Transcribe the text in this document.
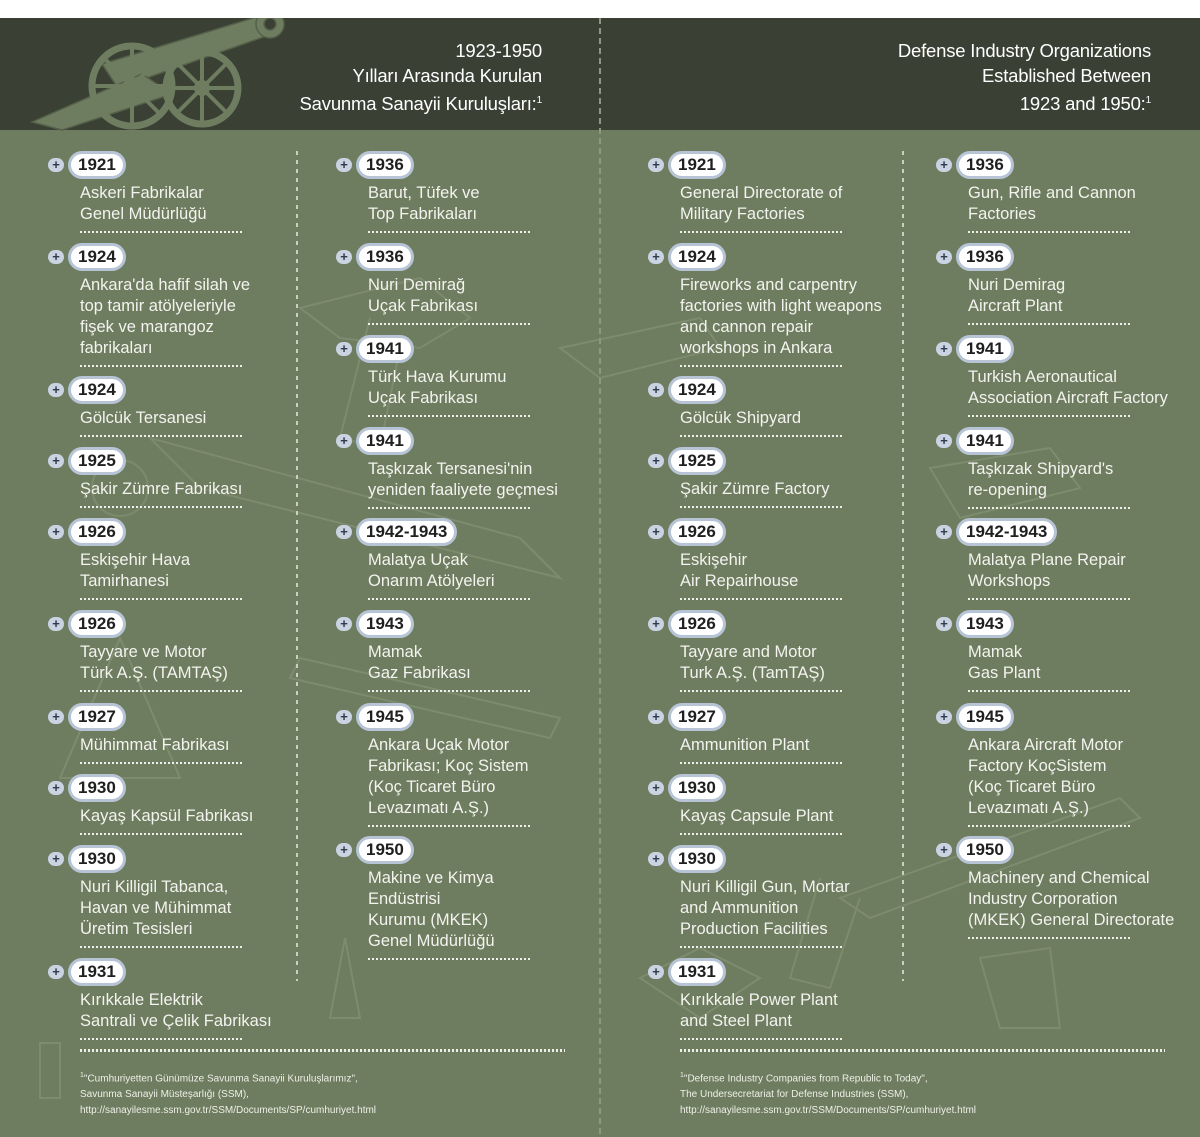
1923-1950
Yılları Arasında Kurulan
Savunma Sanayii Kuruluşları:$^1$
Defense Industry Organizations
Established Between
1923 and 1950:$^1$
+	1921
Askeri Fabrikalar
Genel Müdürlüğü
+	1924
Ankara'da hafif silah ve
top tamir atölyeleriyle
fişek ve marangoz
fabrikaları
+	1924
Gölcük Tersanesi
+	1925
Şakir Zümre Fabrikası
+	1926
Eskişehir Hava
Tamirhanesi
+	1926
Tayyare ve Motor
Türk A.Ş. (TAMTAŞ)
+	1927
Mühimmat Fabrikası
+	1930
Kayaş Kapsül Fabrikası
+	1930
Nuri Killigil Tabanca,
Havan ve Mühimmat
Üretim Tesisleri
+	1931
Kırıkkale Elektrik
Santrali ve Çelik Fabrikası
+	1936
Barut, Tüfek ve
Top Fabrikaları
+	1936
Nuri Demirağ
Uçak Fabrikası
+	1941
Türk Hava Kurumu
Uçak Fabrikası
+	1941
Taşkızak Tersanesi'nin
yeniden faaliyete geçmesi
+	1942-1943
Malatya Uçak
Onarım Atölyeleri
+	1943
Mamak
Gaz Fabrikası
+	1945
Ankara Uçak Motor
Fabrikası; Koç Sistem
(Koç Ticaret Büro
Levazımatı A.Ş.)
+	1950
Makine ve Kimya
Endüstrisi
Kurumu (MKEK)
Genel Müdürlüğü
+	1921
General Directorate of
Military Factories
+	1924
Fireworks and carpentry
factories with light weapons
and cannon repair
workshops in Ankara
+	1924
Gölcük Shipyard
+	1925
Şakir Zümre Factory
+	1926
Eskişehir
Air Repairhouse
+	1926
Tayyare and Motor
Turk A.Ş. (TamTAŞ)
+	1927
Ammunition Plant
+	1930
Kayaş Capsule Plant
+	1930
Nuri Killigil Gun, Mortar
and Ammunition
Production Facilities
+	1931
Kırıkkale Power Plant
and Steel Plant
+	1936
Gun, Rifle and Cannon
Factories
+	1936
Nuri Demirag
Aircraft Plant
+	1941
Turkish Aeronautical
Association Aircraft Factory
+	1941
Taşkızak Shipyard's
re-opening
+	1942-1943
Malatya Plane Repair
Workshops
+	1943
Mamak
Gas Plant
+	1945
Ankara Aircraft Motor
Factory KoçSistem
(Koç Ticaret Büro
Levazımatı A.Ş.)
+	1950
Machinery and Chemical
Industry Corporation
(MKEK) General Directorate
$^1$"Cumhuriyetten Günümüze Savunma Sanayii Kuruluşlarımız",
Savunma Sanayii Müsteşarlığı (SSM),
http://sanayilesme.ssm.gov.tr/SSM/Documents/SP/cumhuriyet.html
$^1$"Defense Industry Companies from Republic to Today",
The Undersecretariat for Defense Industries (SSM),
http://sanayilesme.ssm.gov.tr/SSM/Documents/SP/cumhuriyet.html
